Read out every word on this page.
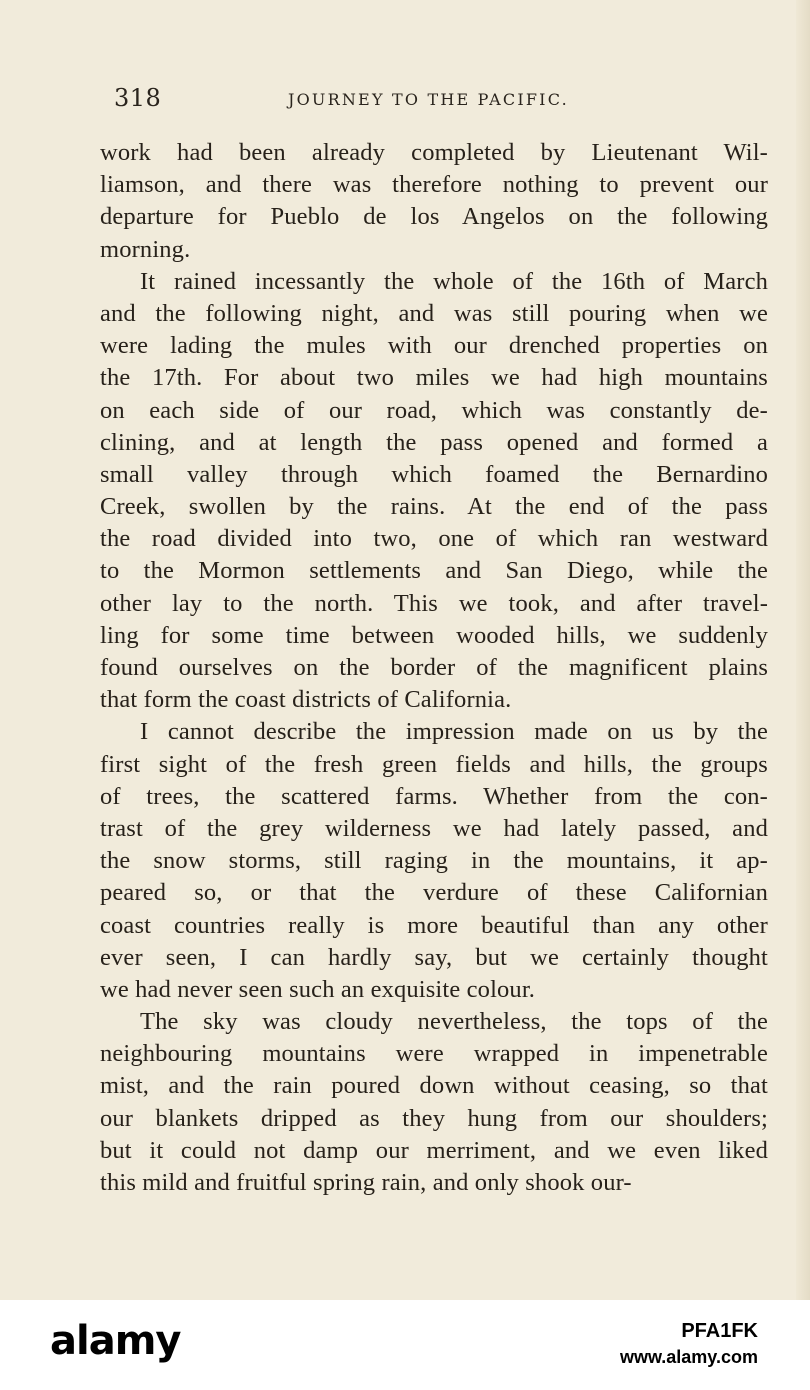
318	JOURNEY TO THE PACIFIC.
work had been already completed by Lieutenant Wil-
liamson, and there was therefore nothing to prevent our
departure for Pueblo de los Angelos on the following
morning.
It rained incessantly the whole of the 16th of March
and the following night, and was still pouring when we
were lading the mules with our drenched properties on
the 17th. For about two miles we had high mountains
on each side of our road, which was constantly de-
clining, and at length the pass opened and formed a
small valley through which foamed the Bernardino
Creek, swollen by the rains. At the end of the pass
the road divided into two, one of which ran westward
to the Mormon settlements and San Diego, while the
other lay to the north. This we took, and after travel-
ling for some time between wooded hills, we suddenly
found ourselves on the border of the magnificent plains
that form the coast districts of California.
I cannot describe the impression made on us by the
first sight of the fresh green fields and hills, the groups
of trees, the scattered farms. Whether from the con-
trast of the grey wilderness we had lately passed, and
the snow storms, still raging in the mountains, it ap-
peared so, or that the verdure of these Californian
coast countries really is more beautiful than any other
ever seen, I can hardly say, but we certainly thought
we had never seen such an exquisite colour.
The sky was cloudy nevertheless, the tops of the
neighbouring mountains were wrapped in impenetrable
mist, and the rain poured down without ceasing, so that
our blankets dripped as they hung from our shoulders;
but it could not damp our merriment, and we even liked
this mild and fruitful spring rain, and only shook our-
alamy	PFA1FK
www.alamy.com
